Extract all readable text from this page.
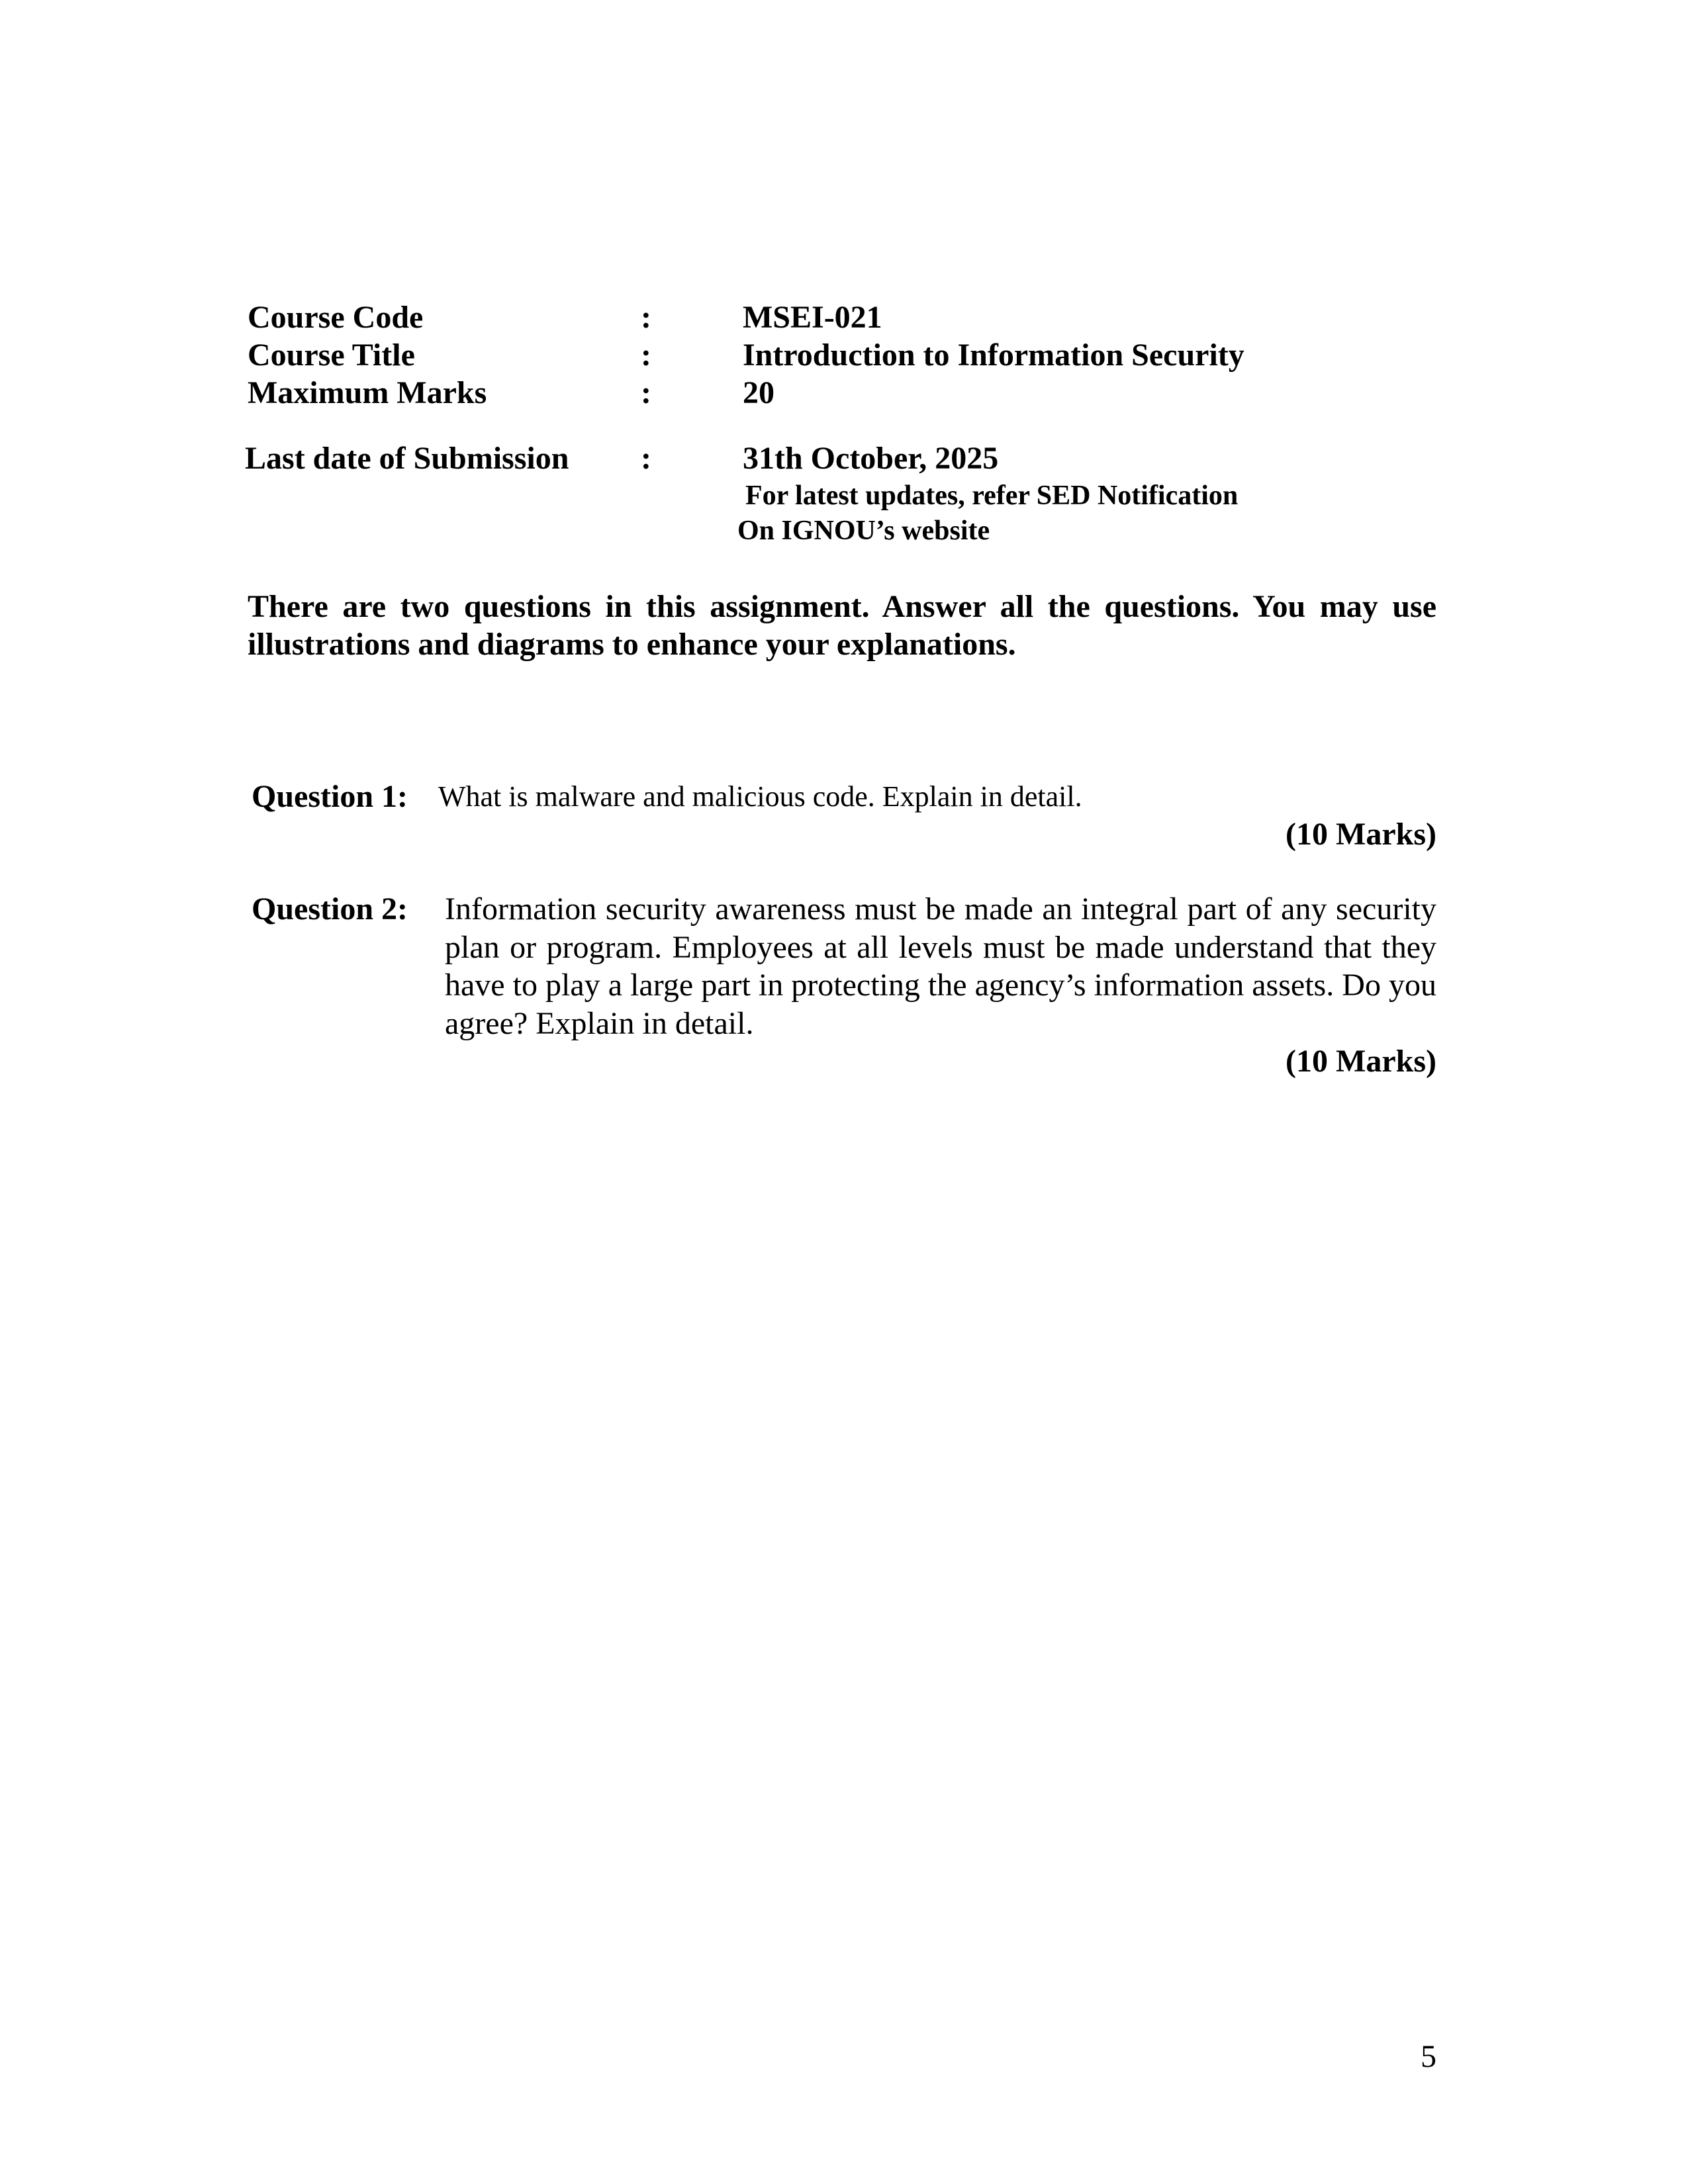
Course Code	:	MSEI-021
Course Title	:	Introduction to Information Security
Maximum Marks	:	20
Last date of Submission :	31th October, 2025
For latest updates, refer SED Notification
On IGNOU’s website
There are two questions in this assignment. Answer all the questions. You may use illustrations and diagrams to enhance your explanations.
Question 1: What is malware and malicious code. Explain in detail.
(10 Marks)
Question 2: Information security awareness must be made an integral part of any security plan or program. Employees at all levels must be made understand that they have to play a large part in protecting the agency’s information assets. Do you agree? Explain in detail.
(10 Marks)
5
